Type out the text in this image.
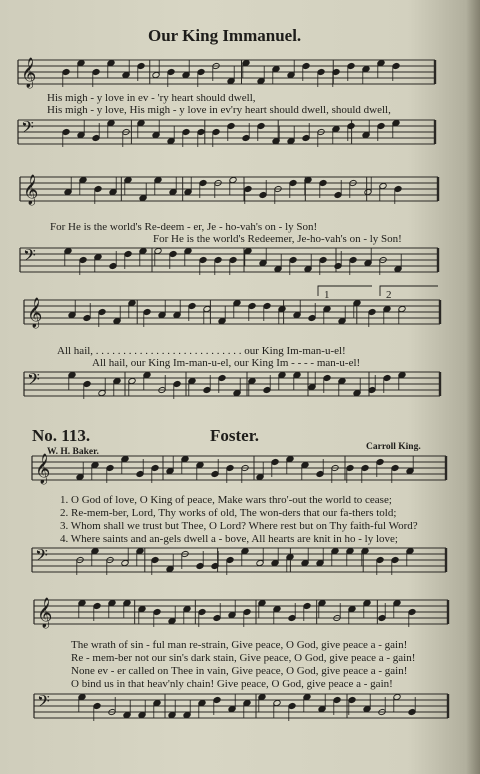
𝄞
𝄢
𝄞
𝄢
𝄞
𝄢
𝄞
𝄢
𝄞
𝄢
Our King Immanuel.
His migh - y love in ev - 'ry heart should dwell,
His migh - y love, His migh - y love in ev'ry heart should dwell, should dwell,
For He is the world's Re-deem - er, Je - ho-vah's on - ly Son!
For He is the world's Redeemer, Je-ho-vah's on - ly Son!
All hail, . . . . . . . . . . . . . . . . . . . . . . . . . . . our King Im-man-u-el!
All hail, our King Im-man-u-el, our King Im - - - - man-u-el!
1	2
No. 113.	Foster.
W. H. Baker.	Carroll King.
1. O God of love, O King of peace, Make wars thro'-out the world to cease;
2. Re-mem-ber, Lord, Thy works of old, The won-ders that our fa-thers told;
3. Whom shall we trust but Thee, O Lord? Where rest but on Thy faith-ful Word?
4. Where saints and an-gels dwell a - bove, All hearts are knit in ho - ly love;
The wrath of sin - ful man re-strain, Give peace, O God, give peace a - gain!
Re - mem-ber not our sin's dark stain, Give peace, O God, give peace a - gain!
None ev - er called on Thee in vain, Give peace, O God, give peace a - gain!
O bind us in that heav'nly chain! Give peace, O God, give peace a - gain!
